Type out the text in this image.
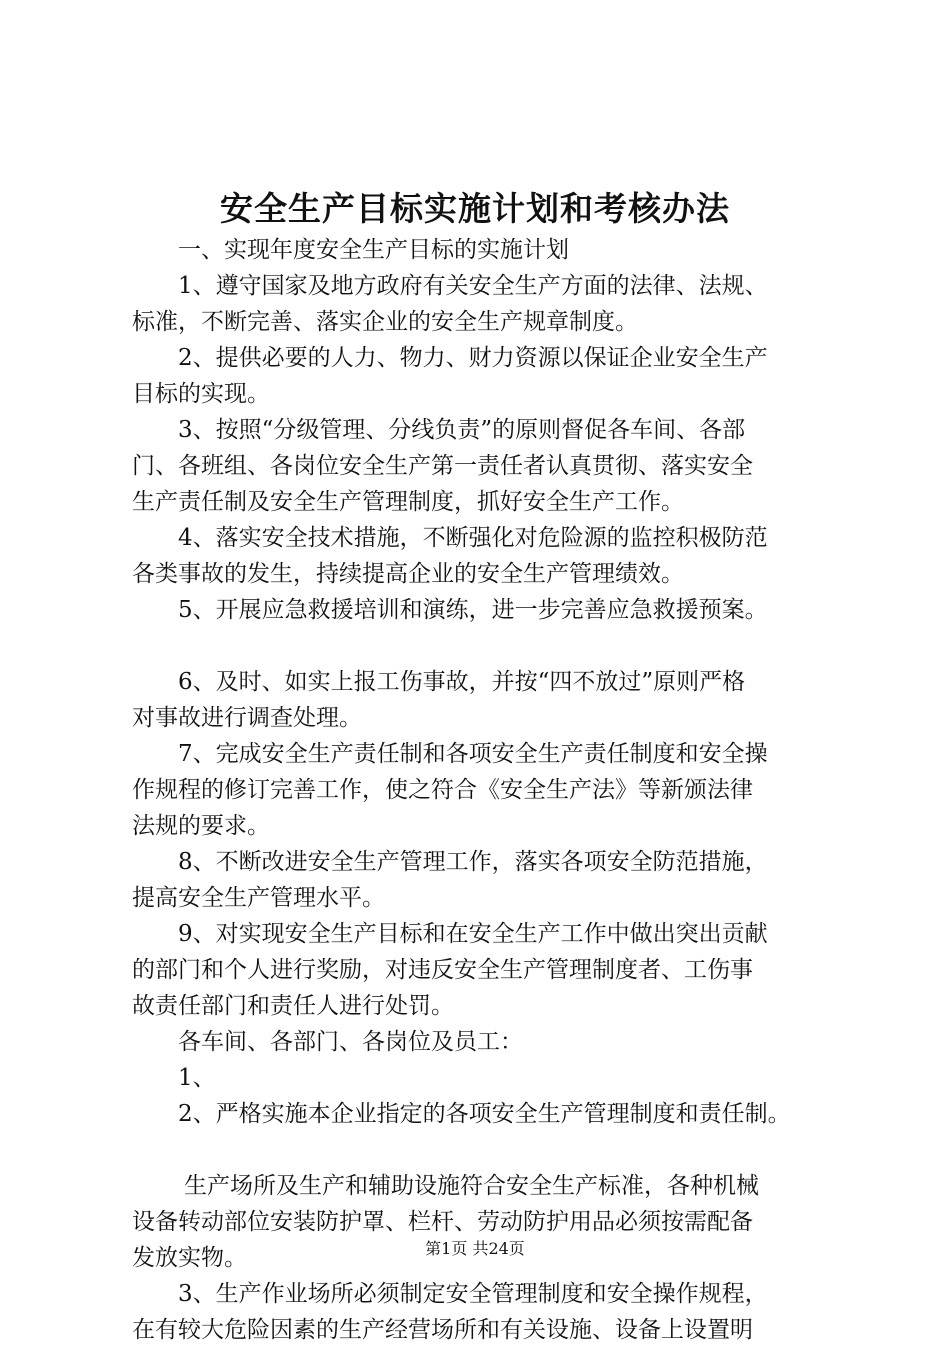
安全生产目标实施计划和考核办法
一、实现年度安全生产目标的实施计划
1、遵守国家及地方政府有关安全生产方面的法律、法规、
标准，不断完善、落实企业的安全生产规章制度。
2、提供必要的人力、物力、财力资源以保证企业安全生产
目标的实现。
3、按照“分级管理、分线负责”的原则督促各车间、各部
门、各班组、各岗位安全生产第一责任者认真贯彻、落实安全
生产责任制及安全生产管理制度，抓好安全生产工作。
4、落实安全技术措施，不断强化对危险源的监控积极防范
各类事故的发生，持续提高企业的安全生产管理绩效。
5、开展应急救援培训和演练，进一步完善应急救援预案。
6、及时、如实上报工伤事故，并按“四不放过”原则严格
对事故进行调查处理。
7、完成安全生产责任制和各项安全生产责任制度和安全操
作规程的修订完善工作，使之符合《安全生产法》等新颁法律
法规的要求。
8、不断改进安全生产管理工作，落实各项安全防范措施，
提高安全生产管理水平。
9、对实现安全生产目标和在安全生产工作中做出突出贡献
的部门和个人进行奖励，对违反安全生产管理制度者、工伤事
故责任部门和责任人进行处罚。
各车间、各部门、各岗位及员工：
1、
2、严格实施本企业指定的各项安全生产管理制度和责任制。
生产场所及生产和辅助设施符合安全生产标准，各种机械
设备转动部位安装防护罩、栏杆、劳动防护用品必须按需配备
发放实物。
3、生产作业场所必须制定安全管理制度和安全操作规程，
在有较大危险因素的生产经营场所和有关设施、设备上设置明
第1页 共24页
